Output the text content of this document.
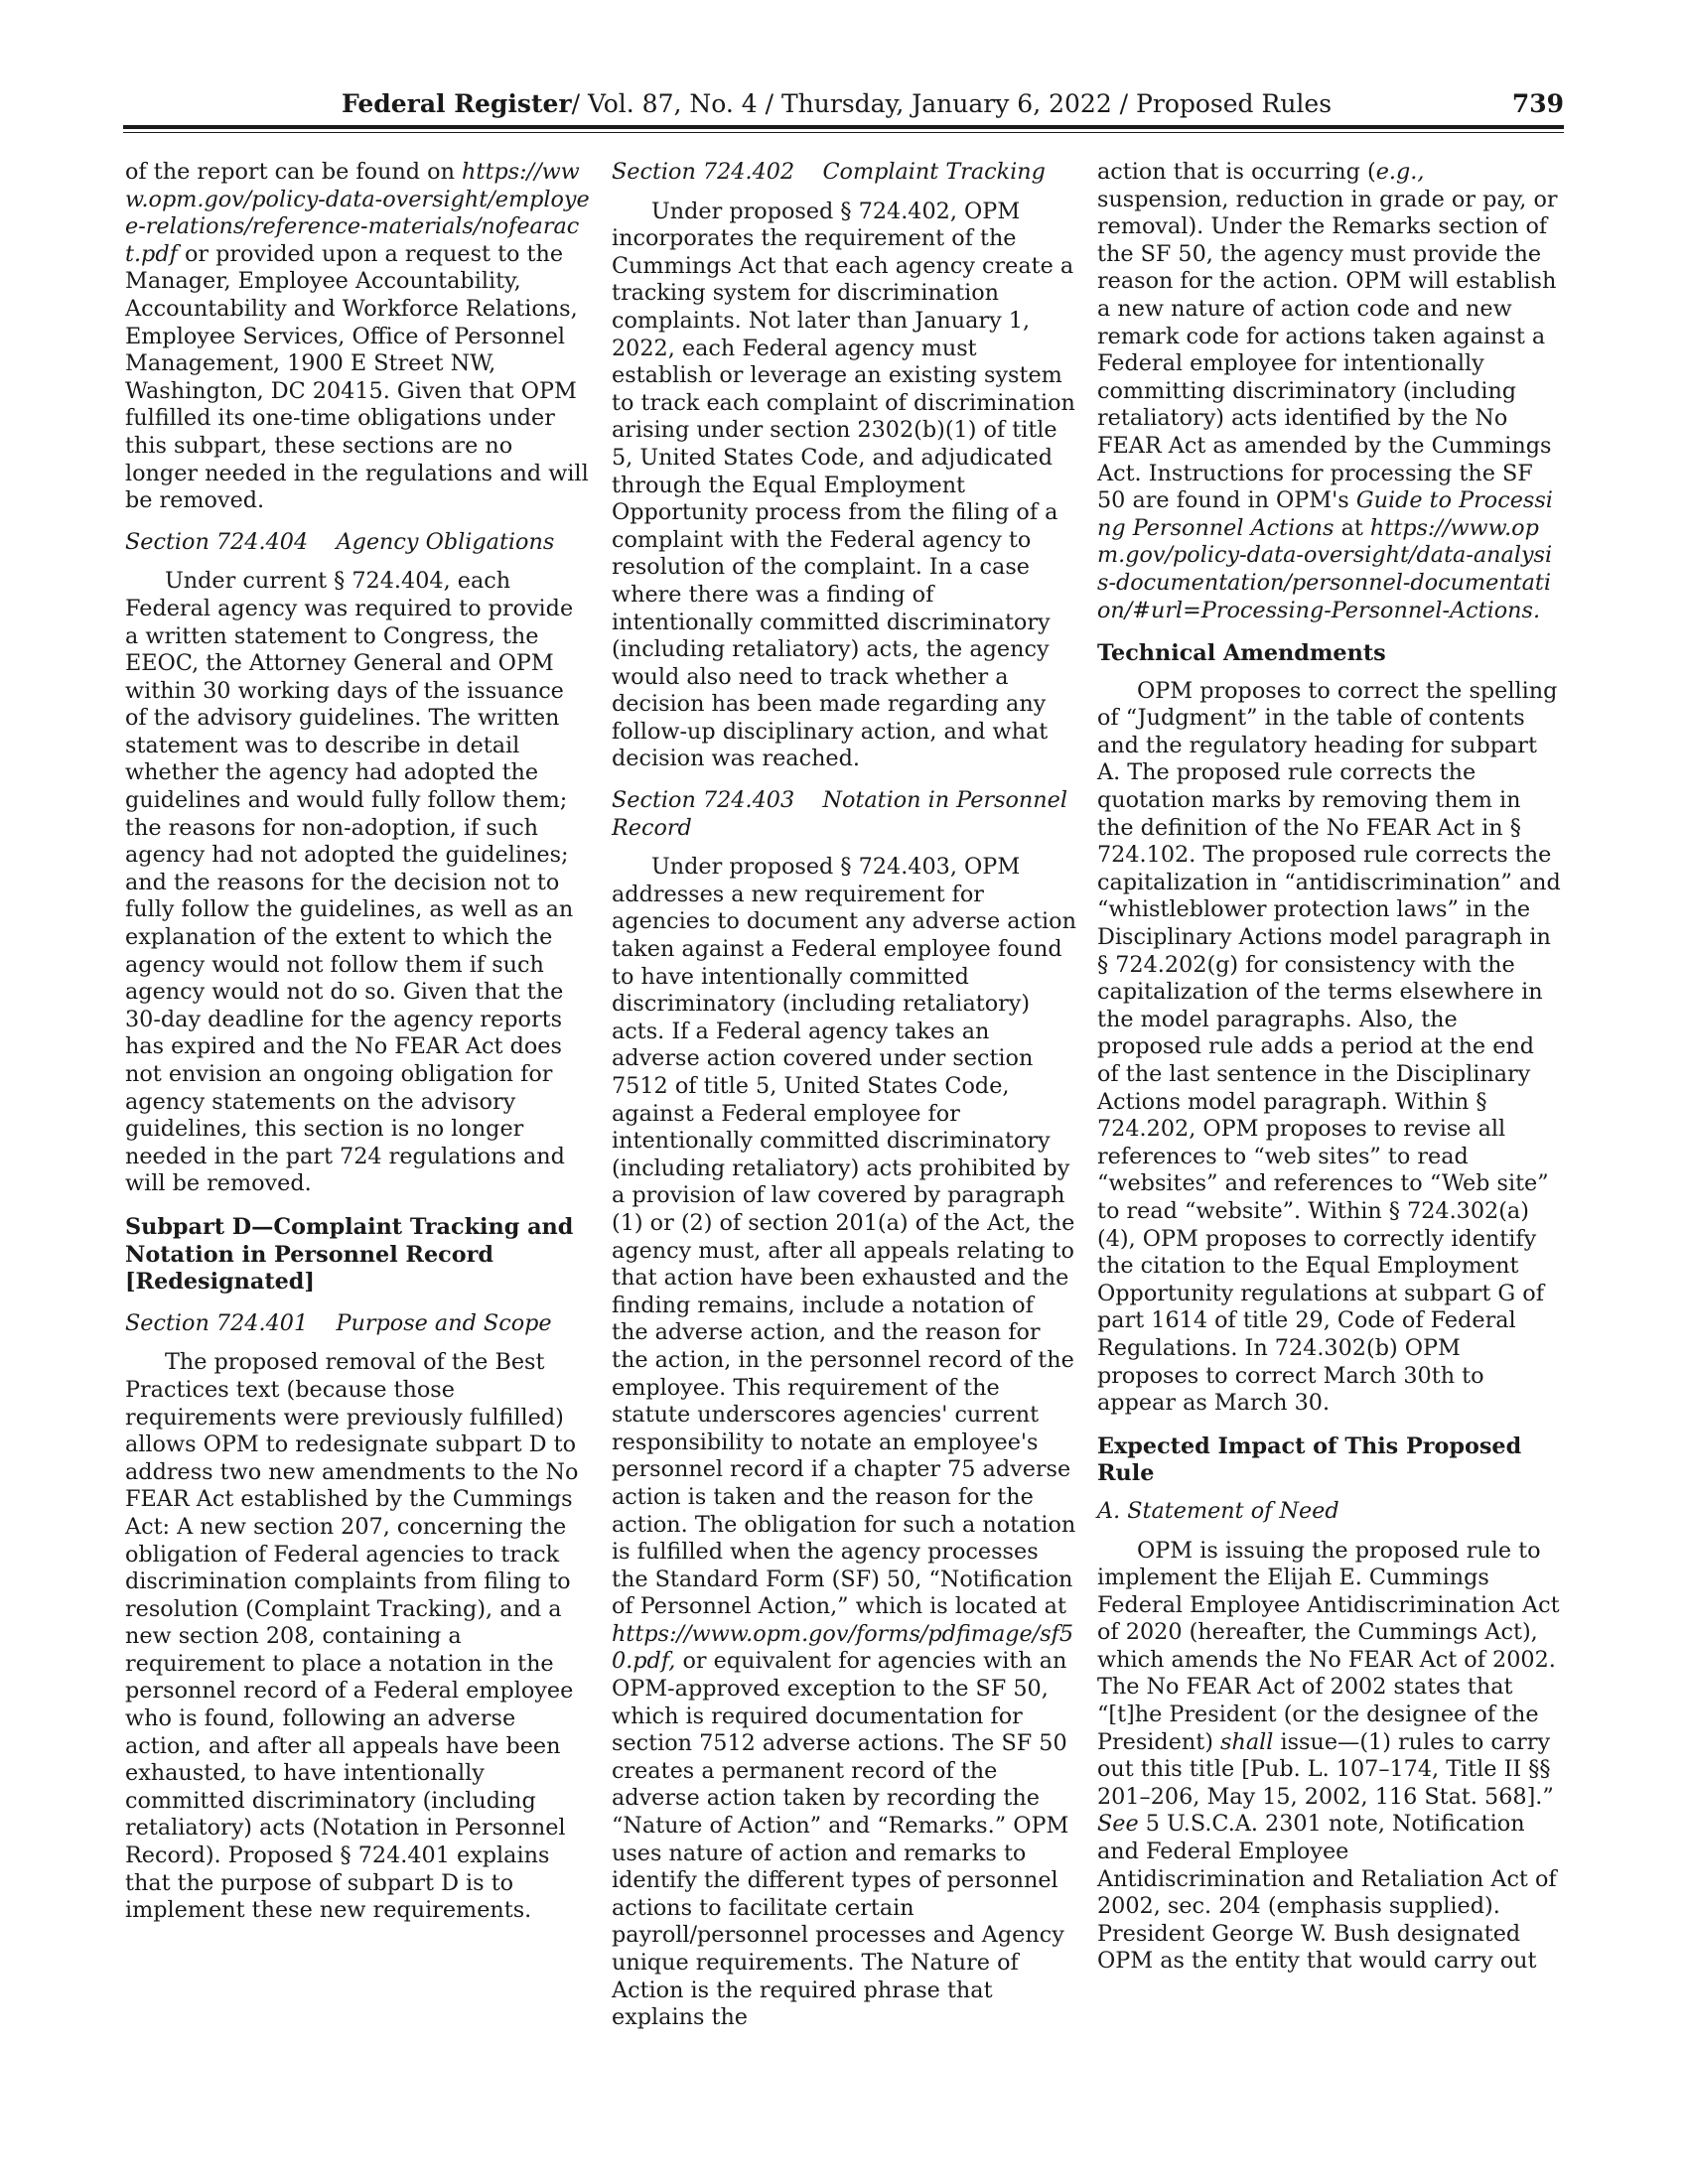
Federal Register/ Vol. 87, No. 4 / Thursday, January 6, 2022 / Proposed Rules	739

of the report can be found on https://www.opm.gov/policy-data-oversight/employee-relations/reference-materials/nofearact.pdf or provided upon a request to the Manager, Employee Accountability, Accountability and Workforce Relations, Employee Services, Office of Personnel Management, 1900 E Street NW, Washington, DC 20415. Given that OPM fulfilled its one-time obligations under this subpart, these sections are no longer needed in the regulations and will be removed.

Section 724.404    Agency Obligations

Under current § 724.404, each Federal agency was required to provide a written statement to Congress, the EEOC, the Attorney General and OPM within 30 working days of the issuance of the advisory guidelines. The written statement was to describe in detail whether the agency had adopted the guidelines and would fully follow them; the reasons for non-adoption, if such agency had not adopted the guidelines; and the reasons for the decision not to fully follow the guidelines, as well as an explanation of the extent to which the agency would not follow them if such agency would not do so. Given that the 30-day deadline for the agency reports has expired and the No FEAR Act does not envision an ongoing obligation for agency statements on the advisory guidelines, this section is no longer needed in the part 724 regulations and will be removed.

Subpart D—Complaint Tracking and Notation in Personnel Record [Redesignated]

Section 724.401    Purpose and Scope

The proposed removal of the Best Practices text (because those requirements were previously fulfilled) allows OPM to redesignate subpart D to address two new amendments to the No FEAR Act established by the Cummings Act: A new section 207, concerning the obligation of Federal agencies to track discrimination complaints from filing to resolution (Complaint Tracking), and a new section 208, containing a requirement to place a notation in the personnel record of a Federal employee who is found, following an adverse action, and after all appeals have been exhausted, to have intentionally committed discriminatory (including retaliatory) acts (Notation in Personnel Record). Proposed § 724.401 explains that the purpose of subpart D is to implement these new requirements.

Section 724.402    Complaint Tracking

Under proposed § 724.402, OPM incorporates the requirement of the Cummings Act that each agency create a tracking system for discrimination complaints. Not later than January 1, 2022, each Federal agency must establish or leverage an existing system to track each complaint of discrimination arising under section 2302(b)(1) of title 5, United States Code, and adjudicated through the Equal Employment Opportunity process from the filing of a complaint with the Federal agency to resolution of the complaint. In a case where there was a finding of intentionally committed discriminatory (including retaliatory) acts, the agency would also need to track whether a decision has been made regarding any follow-up disciplinary action, and what decision was reached.

Section 724.403    Notation in Personnel Record

Under proposed § 724.403, OPM addresses a new requirement for agencies to document any adverse action taken against a Federal employee found to have intentionally committed discriminatory (including retaliatory) acts. If a Federal agency takes an adverse action covered under section 7512 of title 5, United States Code, against a Federal employee for intentionally committed discriminatory (including retaliatory) acts prohibited by a provision of law covered by paragraph (1) or (2) of section 201(a) of the Act, the agency must, after all appeals relating to that action have been exhausted and the finding remains, include a notation of the adverse action, and the reason for the action, in the personnel record of the employee. This requirement of the statute underscores agencies' current responsibility to notate an employee's personnel record if a chapter 75 adverse action is taken and the reason for the action. The obligation for such a notation is fulfilled when the agency processes the Standard Form (SF) 50, “Notification of Personnel Action,” which is located at https://www.opm.gov/forms/pdfimage/sf50.pdf, or equivalent for agencies with an OPM-approved exception to the SF 50, which is required documentation for section 7512 adverse actions. The SF 50 creates a permanent record of the adverse action taken by recording the “Nature of Action” and “Remarks.” OPM uses nature of action and remarks to identify the different types of personnel actions to facilitate certain payroll/personnel processes and Agency unique requirements. The Nature of Action is the required phrase that explains the

action that is occurring (e.g., suspension, reduction in grade or pay, or removal). Under the Remarks section of the SF 50, the agency must provide the reason for the action. OPM will establish a new nature of action code and new remark code for actions taken against a Federal employee for intentionally committing discriminatory (including retaliatory) acts identified by the No FEAR Act as amended by the Cummings Act. Instructions for processing the SF 50 are found in OPM's Guide to Processing Personnel Actions at https://www.opm.gov/policy-data-oversight/data-analysis-documentation/personnel-documentation/#url=Processing-Personnel-Actions.

Technical Amendments

OPM proposes to correct the spelling of “Judgment” in the table of contents and the regulatory heading for subpart A. The proposed rule corrects the quotation marks by removing them in the definition of the No FEAR Act in § 724.102. The proposed rule corrects the capitalization in “antidiscrimination” and “whistleblower protection laws” in the Disciplinary Actions model paragraph in § 724.202(g) for consistency with the capitalization of the terms elsewhere in the model paragraphs. Also, the proposed rule adds a period at the end of the last sentence in the Disciplinary Actions model paragraph. Within § 724.202, OPM proposes to revise all references to “web sites” to read “websites” and references to “Web site” to read “website”. Within § 724.302(a)(4), OPM proposes to correctly identify the citation to the Equal Employment Opportunity regulations at subpart G of part 1614 of title 29, Code of Federal Regulations. In 724.302(b) OPM proposes to correct March 30th to appear as March 30.

Expected Impact of This Proposed Rule

A. Statement of Need

OPM is issuing the proposed rule to implement the Elijah E. Cummings Federal Employee Antidiscrimination Act of 2020 (hereafter, the Cummings Act), which amends the No FEAR Act of 2002. The No FEAR Act of 2002 states that “[t]he President (or the designee of the President) shall issue—(1) rules to carry out this title [Pub. L. 107–174, Title II §§ 201–206, May 15, 2002, 116 Stat. 568].” See 5 U.S.C.A. 2301 note, Notification and Federal Employee Antidiscrimination and Retaliation Act of 2002, sec. 204 (emphasis supplied). President George W. Bush designated OPM as the entity that would carry out
